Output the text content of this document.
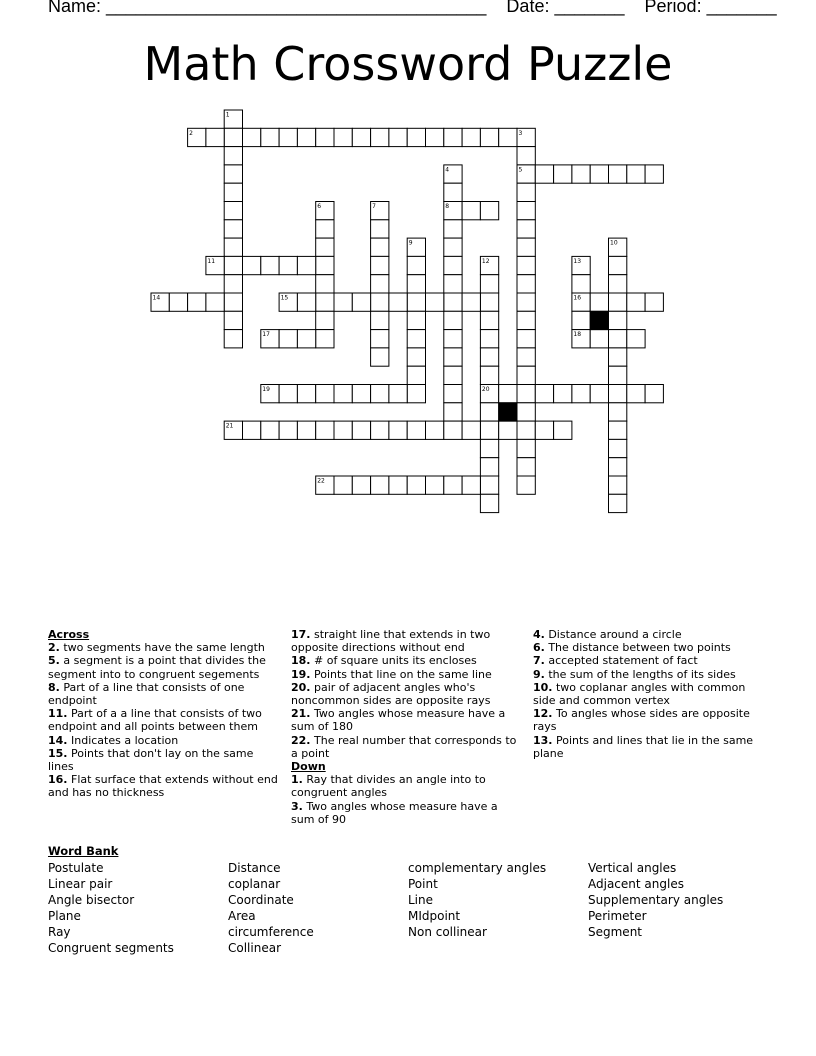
Name: ______________________________________    Date: _______    Period: _______
Math Crossword Puzzle
1
2	3
4	5
6	7	8
9	10
11	12	13
14	15	16
17	18
19	20
21
22
Across

2. two segments have the same length

5. a segment is a point that divides the segment into to congruent segements

8. Part of a line that consists of one endpoint

11. Part of a a line that consists of two endpoint and all points between them

14. Indicates a location

15. Points that don't lay on the same lines

16. Flat surface that extends without end and has no thickness

17. straight line that extends in two opposite directions without end

18. # of square units its encloses

19. Points that line on the same line

20. pair of adjacent angles who's noncommon sides are opposite rays

21. Two angles whose measure have a sum of 180

22. The real number that corresponds to a point

Down

1. Ray that divides an angle into to congruent angles

3. Two angles whose measure have a sum of 90

4. Distance around a circle

6. The distance between two points

7. accepted statement of fact

9. the sum of the lengths of its sides

10. two coplanar angles with common side and common vertex

12. To angles whose sides are opposite rays

13. Points and lines that lie in the same plane

Word Bank
Postulate
Linear pair
Angle bisector
Plane
Ray
Congruent segments
Distance
coplanar
Coordinate
Area
circumference
Collinear
complementary angles
Point
Line
MIdpoint
Non collinear
Vertical angles
Adjacent angles
Supplementary angles
Perimeter
Segment
